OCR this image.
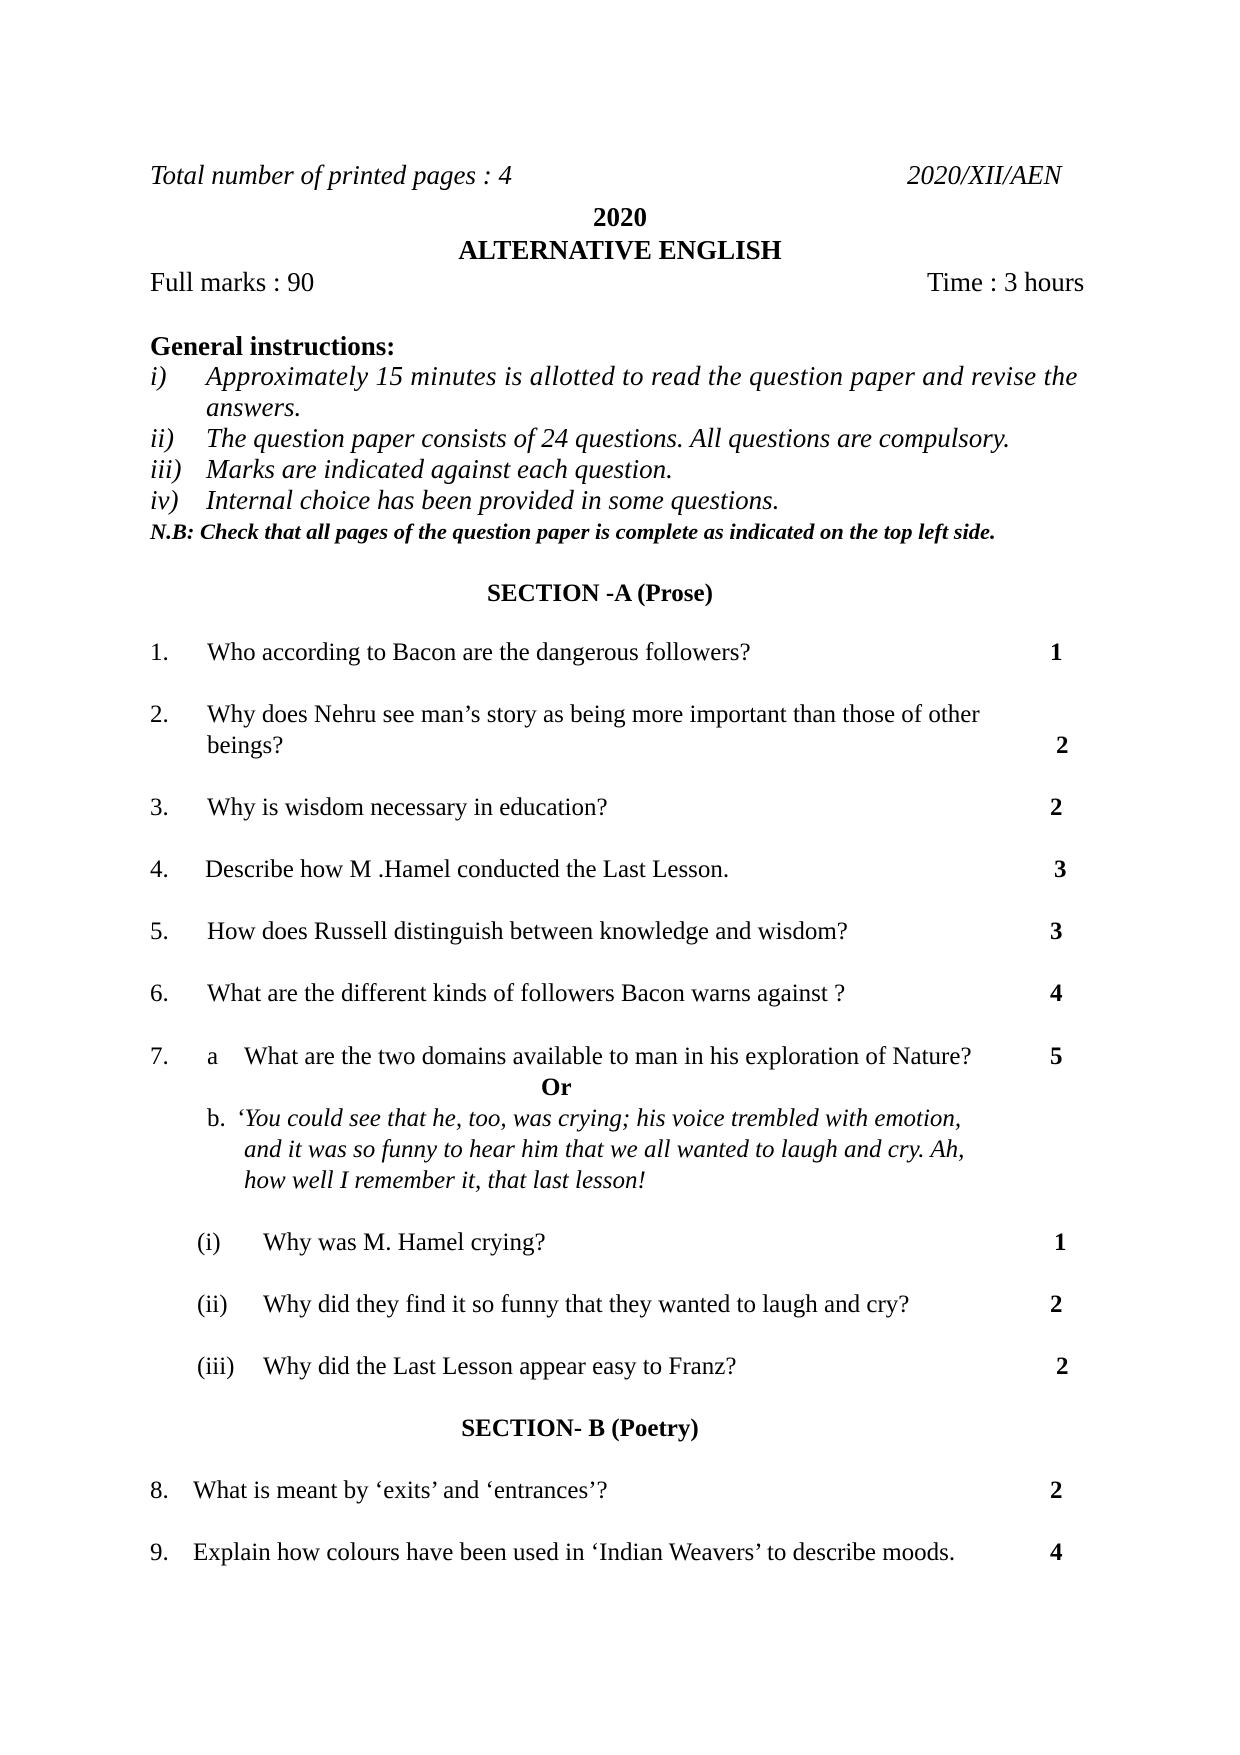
Total number of printed pages : 4	2020/XII/AEN
2020
ALTERNATIVE ENGLISH
Full marks : 90	Time : 3 hours
General instructions:
i) Approximately 15 minutes is allotted to read the question paper and revise the
answers.
ii) The question paper consists of 24 questions. All questions are compulsory.
iii) Marks are indicated against each question.
iv) Internal choice has been provided in some questions.
N.B: Check that all pages of the question paper is complete as indicated on the top left side.
SECTION -A (Prose)
1. Who according to Bacon are the dangerous followers?	1
2. Why does Nehru see man’s story as being more important than those of other
beings?	2
3. Why is wisdom necessary in education?	2
4. Describe how M .Hamel conducted the Last Lesson.	3
5. How does Russell distinguish between knowledge and wisdom?	3
6. What are the different kinds of followers Bacon warns against ?	4
7. a What are the two domains available to man in his exploration of Nature?	5
Or
b. ‘You could see that he, too, was crying; his voice trembled with emotion,
and it was so funny to hear him that we all wanted to laugh and cry. Ah,
how well I remember it, that last lesson!
(i) Why was M. Hamel crying?	1
(ii) Why did they find it so funny that they wanted to laugh and cry?	2
(iii) Why did the Last Lesson appear easy to Franz?	2
SECTION- B (Poetry)
8. What is meant by ‘exits’ and ‘entrances’?	2
9. Explain how colours have been used in ‘Indian Weavers’ to describe moods.	4
